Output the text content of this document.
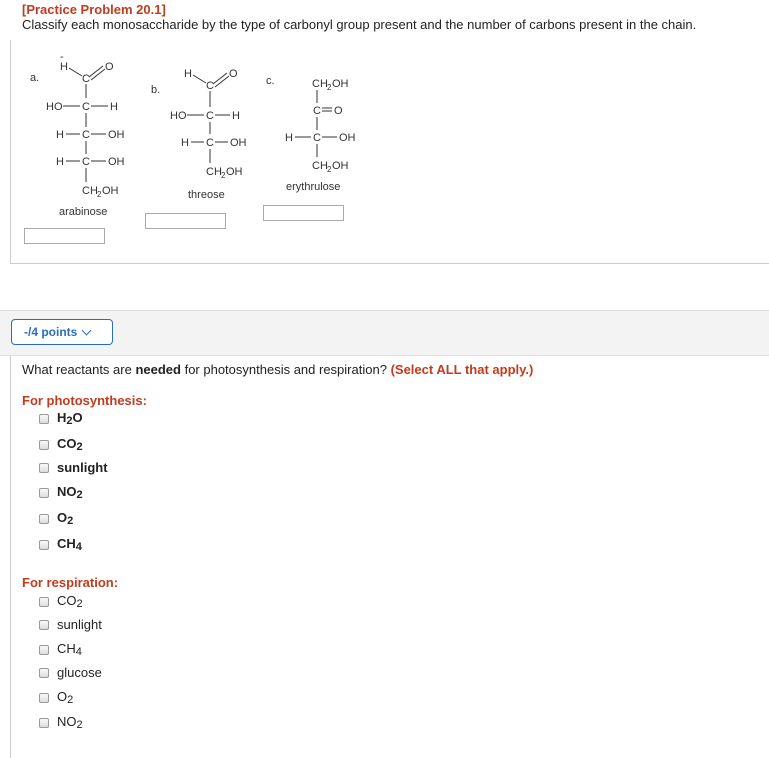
[Practice Problem 20.1]
Classify each monosaccharide by the type of carbonyl group present and the number of carbons present in the chain.
a.
-
H
C
O
HO C H
H C OH
H C OH
CH 2 OH
arabinose
b.
H
C
O
HO C H
H C OH
CH 2 OH
threose
c.	CH 2 OH
C O
H C OH
CH 2 OH
erythrulose
-/4 points
What reactants are needed for photosynthesis and respiration? (Select ALL that apply.)
For photosynthesis:
$H_2O$
$CO_2$
sunlight
$NO_2$
$O_2$
$CH_4$
For respiration:
$CO_2$
sunlight
$CH_4$
glucose
$O_2$
$NO_2$
